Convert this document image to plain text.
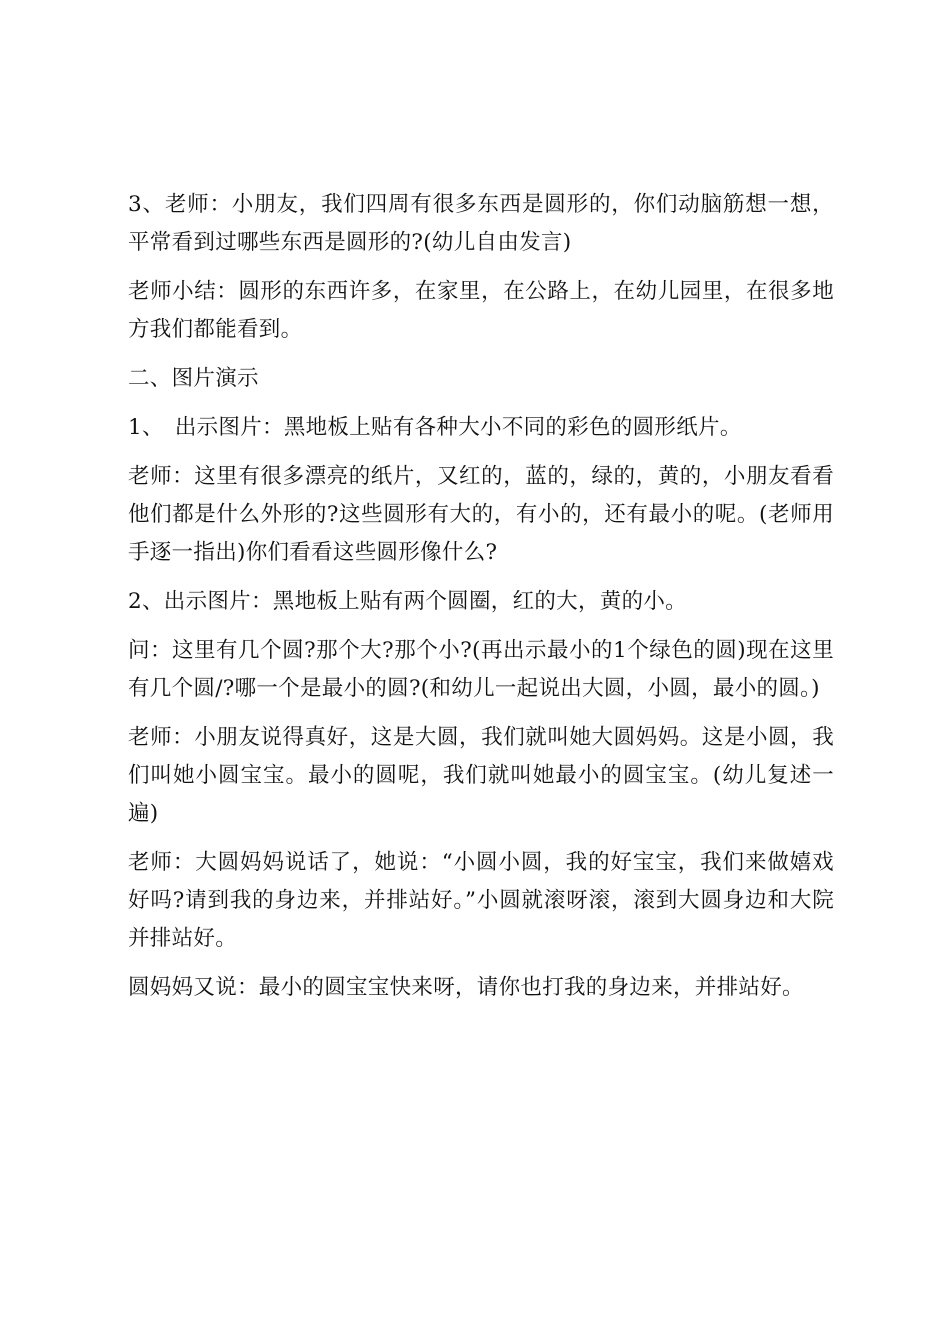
3、老师：小朋友，我们四周有很多东西是圆形的，你们动脑筋想一想，平常看到过哪些东西是圆形的?(幼儿自由发言)

老师小结：圆形的东西许多，在家里，在公路上，在幼儿园里，在很多地方我们都能看到。

二、图片演示

1、　出示图片：黑地板上贴有各种大小不同的彩色的圆形纸片。

老师：这里有很多漂亮的纸片，又红的，蓝的，绿的，黄的，小朋友看看他们都是什么外形的?这些圆形有大的，有小的，还有最小的呢。(老师用手逐一指出)你们看看这些圆形像什么?

2、出示图片：黑地板上贴有两个圆圈，红的大，黄的小。

问：这里有几个圆?那个大?那个小?(再出示最小的1个绿色的圆)现在这里有几个圆/?哪一个是最小的圆?(和幼儿一起说出大圆，小圆，最小的圆。)

老师：小朋友说得真好，这是大圆，我们就叫她大圆妈妈。这是小圆，我们叫她小圆宝宝。最小的圆呢，我们就叫她最小的圆宝宝。(幼儿复述一遍)

老师：大圆妈妈说话了，她说：“小圆小圆，我的好宝宝，我们来做嬉戏好吗?请到我的身边来，并排站好。”小圆就滚呀滚，滚到大圆身边和大院并排站好。

圆妈妈又说：最小的圆宝宝快来呀，请你也打我的身边来，并排站好。
